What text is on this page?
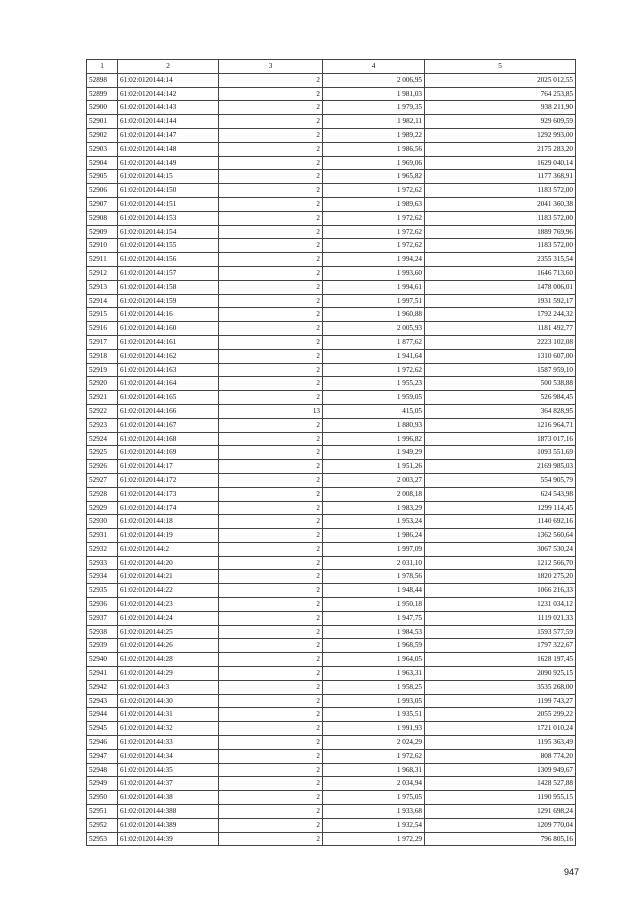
1	2	3	4	5
52898	61:02:0120144:14	2	2 006,95	2025 012,55
52899	61:02:0120144:142	2	1 981,03	764 253,85
52900	61:02:0120144:143	2	1 979,35	938 211,90
52901	61:02:0120144:144	2	1 982,11	929 609,59
52902	61:02:0120144:147	2	1 989,22	1292 993,00
52903	61:02:0120144:148	2	1 986,56	2175 283,20
52904	61:02:0120144:149	2	1 969,06	1629 040,14
52905	61:02:0120144:15	2	1 965,82	1177 368,91
52906	61:02:0120144:150	2	1 972,62	1183 572,00
52907	61:02:0120144:151	2	1 989,63	2041 360,38
52908	61:02:0120144:153	2	1 972,62	1183 572,00
52909	61:02:0120144:154	2	1 972,62	1889 769,96
52910	61:02:0120144:155	2	1 972,62	1183 572,00
52911	61:02:0120144:156	2	1 994,24	2355 315,54
52912	61:02:0120144:157	2	1 993,60	1646 713,60
52913	61:02:0120144:158	2	1 994,61	1478 006,01
52914	61:02:0120144:159	2	1 997,51	1931 592,17
52915	61:02:0120144:16	2	1 960,88	1792 244,32
52916	61:02:0120144:160	2	2 005,93	1181 492,77
52917	61:02:0120144:161	2	1 877,62	2223 102,08
52918	61:02:0120144:162	2	1 941,64	1310 607,00
52919	61:02:0120144:163	2	1 972,62	1587 959,10
52920	61:02:0120144:164	2	1 955,23	500 538,88
52921	61:02:0120144:165	2	1 959,05	526 984,45
52922	61:02:0120144:166	13	415,05	364 828,95
52923	61:02:0120144:167	2	1 880,93	1216 964,71
52924	61:02:0120144:168	2	1 996,82	1873 017,16
52925	61:02:0120144:169	2	1 949,29	1093 551,69
52926	61:02:0120144:17	2	1 951,26	2169 985,03
52927	61:02:0120144:172	2	2 003,27	554 905,79
52928	61:02:0120144:173	2	2 008,18	624 543,98
52929	61:02:0120144:174	2	1 983,29	1299 114,45
52930	61:02:0120144:18	2	1 953,24	1140 692,16
52931	61:02:0120144:19	2	1 986,24	1362 560,64
52932	61:02:0120144:2	2	1 997,09	3067 530,24
52933	61:02:0120144:20	2	2 031,10	1212 566,70
52934	61:02:0120144:21	2	1 978,56	1820 275,20
52935	61:02:0120144:22	2	1 948,44	1066 216,33
52936	61:02:0120144:23	2	1 950,18	1231 034,12
52937	61:02:0120144:24	2	1 947,75	1119 021,33
52938	61:02:0120144:25	2	1 984,53	1593 577,59
52939	61:02:0120144:26	2	1 968,59	1797 322,67
52940	61:02:0120144:28	2	1 964,05	1628 197,45
52941	61:02:0120144:29	2	1 963,31	2090 925,15
52942	61:02:0120144:3	2	1 958,25	3535 268,00
52943	61:02:0120144:30	2	1 993,05	1199 743,27
52944	61:02:0120144:31	2	1 935,51	2055 299,22
52945	61:02:0120144:32	2	1 991,93	1721 010,24
52946	61:02:0120144:33	2	2 024,29	1195 363,49
52947	61:02:0120144:34	2	1 972,62	808 774,20
52948	61:02:0120144:35	2	1 968,31	1309 949,67
52949	61:02:0120144:37	2	2 034,94	1428 527,88
52950	61:02:0120144:38	2	1 975,05	1190 955,15
52951	61:02:0120144:388	2	1 933,68	1291 698,24
52952	61:02:0120144:389	2	1 932,54	1209 770,04
52953	61:02:0120144:39	2	1 972,29	796 805,16
947
